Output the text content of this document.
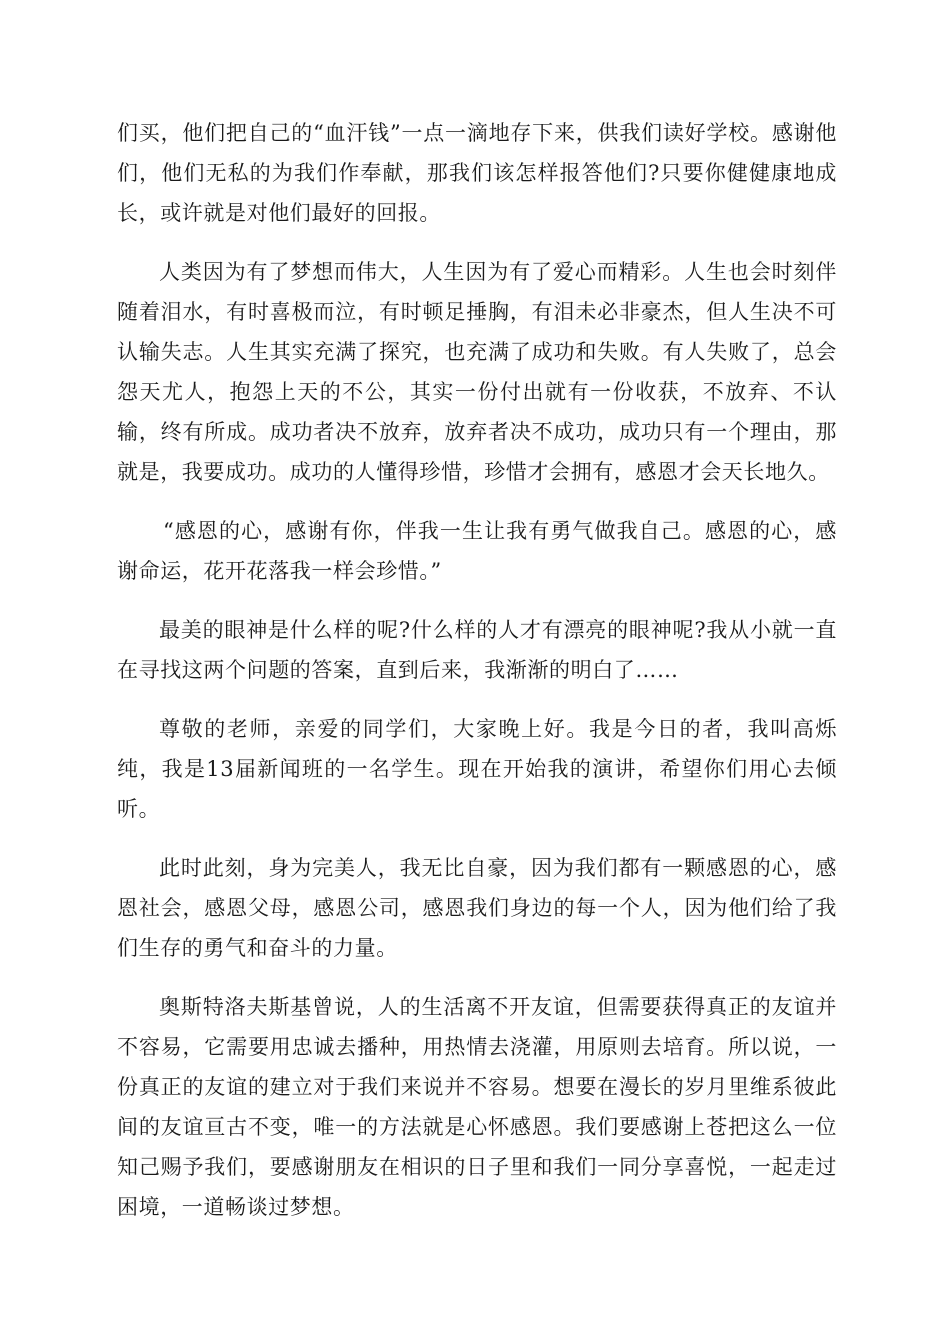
们买，他们把自己的“血汗钱”一点一滴地存下来，供我们读好学校。感谢他们，他们无私的为我们作奉献，那我们该怎样报答他们?只要你健健康地成长，或许就是对他们最好的回报。

人类因为有了梦想而伟大，人生因为有了爱心而精彩。人生也会时刻伴随着泪水，有时喜极而泣，有时顿足捶胸，有泪未必非豪杰，但人生决不可认输失志。人生其实充满了探究，也充满了成功和失败。有人失败了，总会怨天尤人，抱怨上天的不公，其实一份付出就有一份收获，不放弃、不认输，终有所成。成功者决不放弃，放弃者决不成功，成功只有一个理由，那就是，我要成功。成功的人懂得珍惜，珍惜才会拥有，感恩才会天长地久。

“感恩的心，感谢有你，伴我一生让我有勇气做我自己。感恩的心，感谢命运，花开花落我一样会珍惜。”

最美的眼神是什么样的呢?什么样的人才有漂亮的眼神呢?我从小就一直在寻找这两个问题的答案，直到后来，我渐渐的明白了……

尊敬的老师，亲爱的同学们，大家晚上好。我是今日的者，我叫高烁纯，我是13届新闻班的一名学生。现在开始我的演讲，希望你们用心去倾听。

此时此刻，身为完美人，我无比自豪，因为我们都有一颗感恩的心，感恩社会，感恩父母，感恩公司，感恩我们身边的每一个人，因为他们给了我们生存的勇气和奋斗的力量。

奥斯特洛夫斯基曾说，人的生活离不开友谊，但需要获得真正的友谊并不容易，它需要用忠诚去播种，用热情去浇灌，用原则去培育。所以说，一份真正的友谊的建立对于我们来说并不容易。想要在漫长的岁月里维系彼此间的友谊亘古不变，唯一的方法就是心怀感恩。我们要感谢上苍把这么一位知己赐予我们，要感谢朋友在相识的日子里和我们一同分享喜悦，一起走过困境，一道畅谈过梦想。
